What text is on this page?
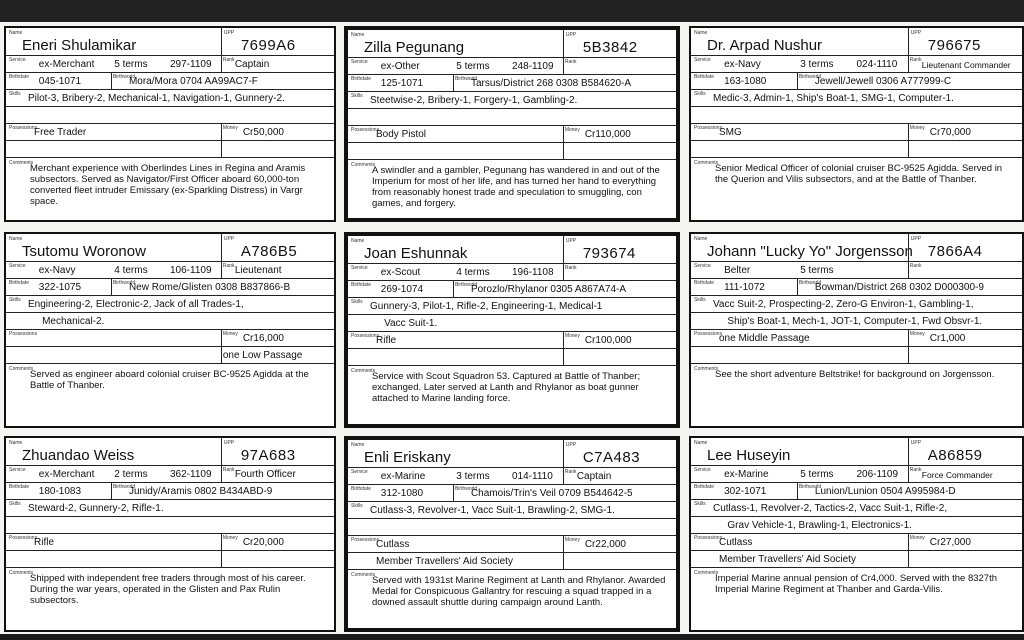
Name
Eneri Shulamikar
UPP
7699A6
Service ex-Merchant 5 terms 297-1109 Rank Captain
Birthdate 045-1071	Birthworld
Mora/Mora 0704 AA99AC7-F
Skills Pilot-3, Bribery-2, Mechanical-1, Navigation-1, Gunnery-2.
Possessions
Free Trader	Money Cr50,000
Comments
Merchant experience with Oberlindes Lines in Regina and Aramis subsectors. Served as Navigator/First Officer aboard 60,000-ton converted fleet intruder Emissary (ex-Sparkling Distress) in Vargr space.
Name
Zilla Pegunang
UPP
5B3842
Service ex-Other	5 terms 248-1109 Rank
Birthdate 125-1071	Birthworld
Tarsus/District 268 0308 B584620-A
Skills Steetwise-2, Bribery-1, Forgery-1, Gambling-2.
Possessions
Body Pistol	Money Cr110,000
Comments
A swindler and a gambler, Pegunang has wandered in and out of the Imperium for most of her life, and has turned her hand to everything from reasonably honest trade and speculation to smuggling, con games, and forgery.
Name
Dr. Arpad Nushur
UPP
796675
Service ex-Navy	3 terms 024-1110	Rank Lieutenant Commander
Birthdate 163-1080	Birthworld
Jewell/Jewell 0306 A777999-C
Skills Medic-3, Admin-1, Ship's Boat-1, SMG-1, Computer-1.
Possessions
SMG	Money Cr70,000
Comments
Senior Medical Officer of colonial cruiser BC-9525 Agidda. Served in the Querion and Vilis subsectors, and at the Battle of Thanber.
Name
Tsutomu Woronow
UPP
A786B5
Service ex-Navy	4 terms 106-1109 Rank Lieutenant
Birthdate 322-1075	Birthworld
New Rome/Glisten 0308 B837866-B
Skills Engineering-2, Electronic-2, Jack of all Trades-1,
Mechanical-2.
Possessions	Money Cr16,000
one Low Passage
Comments
Served as engineer aboard colonial cruiser BC-9525 Agidda at the Battle of Thanber.
Name
Joan Eshunnak
UPP
793674
Service ex-Scout	4 terms 196-1108 Rank
Birthdate 269-1074	Birthworld
Porozlo/Rhylanor 0305 A867A74-A
Skills Gunnery-3, Pilot-1, Rifle-2, Engineering-1, Medical-1
Vacc Suit-1.
Possessions
Rifle	Money Cr100,000
Comments
Service with Scout Squadron 53. Captured at Battle of Thanber; exchanged. Later served at Lanth and Rhylanor as boat gunner attached to Marine landing force.
Name
Johann "Lucky Yo" Jorgensson
UPP
7866A4
Service Belter	5 terms	Rank
Birthdate 111-1072	Birthworld
Bowman/District 268 0302 D000300-9
Skills Vacc Suit-2, Prospecting-2, Zero-G Environ-1, Gambling-1,
Ship's Boat-1, Mech-1, JOT-1, Computer-1, Fwd Obsvr-1.
Possessions
one Middle Passage	Money Cr1,000
Comments
See the short adventure Beltstrike! for background on Jorgensson.
Name
Zhuandao Weiss
UPP
97A683
Service ex-Merchant 2 terms 362-1109 Rank Fourth Officer
Birthdate 180-1083	Birthworld
Junidy/Aramis 0802 B434ABD-9
Skills Steward-2, Gunnery-2, Rifle-1.
Possessions
Rifle	Money Cr20,000
Comments
Shipped with independent free traders through most of his career. During the war years, operated in the Glisten and Pax Rulin subsectors.
Name
Enli Eriskany
UPP
C7A483
Service ex-Marine	3 terms 014-1110 Rank Captain
Birthdate 312-1080	Birthworld
Chamois/Trin's Veil 0709 B544642-5
Skills Cutlass-3, Revolver-1, Vacc Suit-1, Brawling-2, SMG-1.
Possessions
Cutlass	Money Cr22,000
Member Travellers' Aid Society
Comments
Served with 1931st Marine Regiment at Lanth and Rhylanor. Awarded Medal for Conspicuous Gallantry for rescuing a squad trapped in a downed assault shuttle during campaign around Lanth.
Name
Lee Huseyin
UPP
A86859
Service ex-Marine	5 terms 206-1109 Rank Force Commander
Birthdate 302-1071	Birthworld
Lunion/Lunion 0504 A995984-D
Skills Cutlass-1, Revolver-2, Tactics-2, Vacc Suit-1, Rifle-2,
Grav Vehicle-1, Brawling-1, Electronics-1.
Possessions
Cutlass	Money Cr27,000
Member Travellers' Aid Society
Comments
Imperial Marine annual pension of Cr4,000. Served with the 8327th Imperial Marine Regiment at Thanber and Garda-Vilis.
